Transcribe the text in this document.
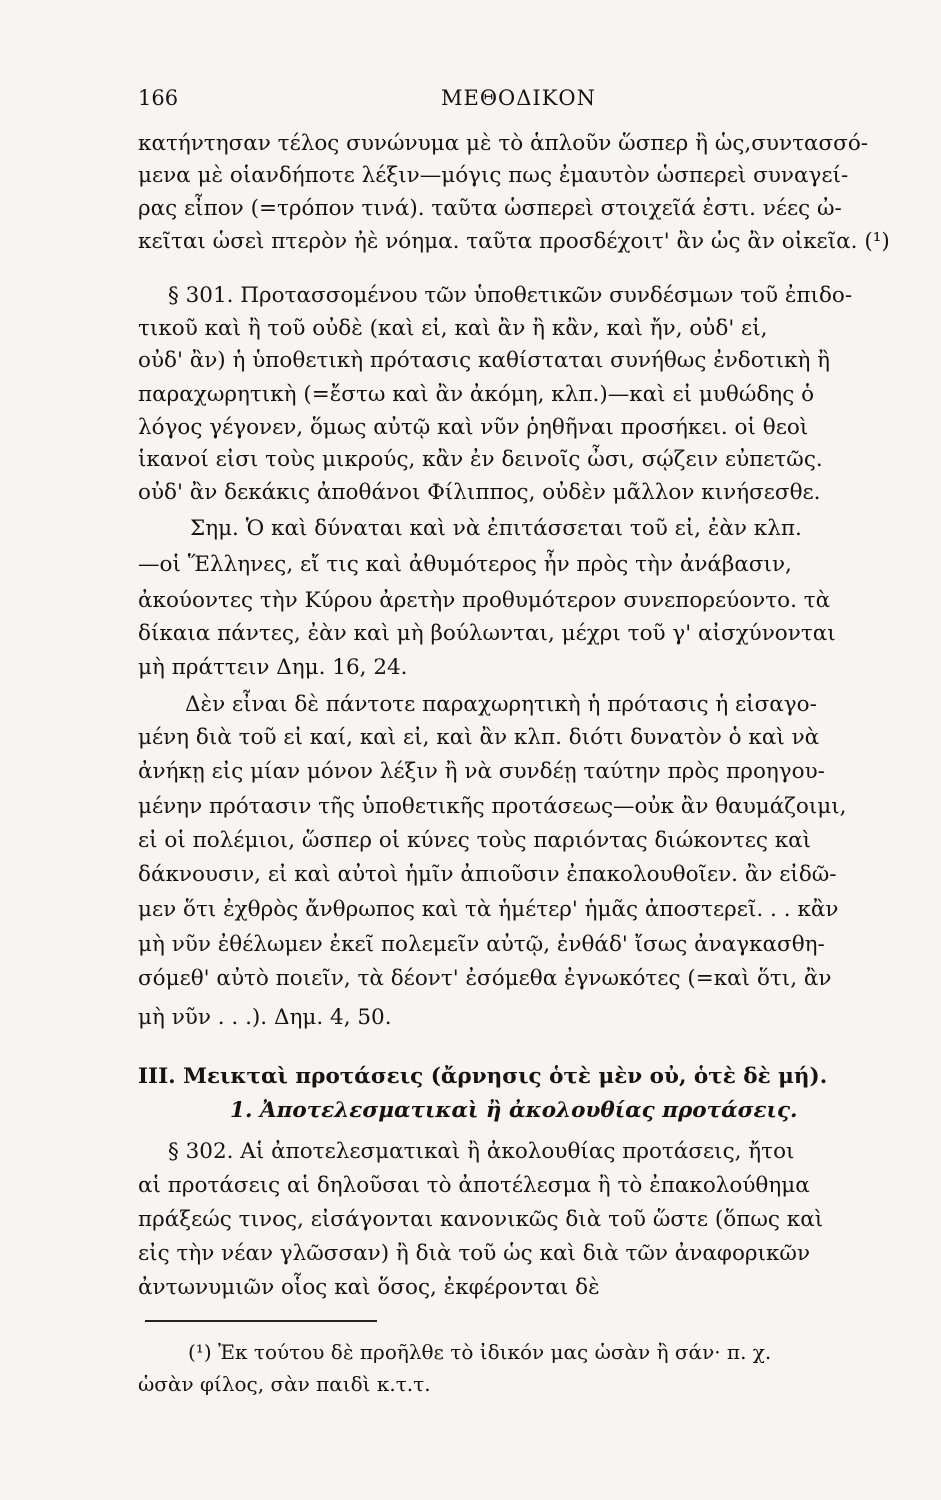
166	ΜΕΘΟΔΙΚΟΝ
κατήντησαν τέλος συνώνυμα μὲ τὸ ἁπλοῦν ὥσπερ ἢ ὡς,συντασσό-
μενα μὲ οἱανδήποτε λέξιν—μόγις πως ἐμαυτὸν ὡσπερεὶ συναγεί-
ρας εἶπον (=τρόπον τινά). ταῦτα ὡσπερεὶ στοιχεῖά ἐστι. νέες ὠ-
κεῖται ὡσεὶ πτερὸν ἠὲ νόημα. ταῦτα προσδέχοιτ' ἂν ὡς ἂν οἰκεῖα. (¹)
§ 301. Προτασσομένου τῶν ὑποθετικῶν συνδέσμων τοῦ ἐπιδο-
τικοῦ καὶ ἢ τοῦ οὐδὲ (καὶ εἰ, καὶ ἂν ἢ κἂν, καὶ ἤν, οὐδ' εἰ,
οὐδ' ἂν) ἡ ὑποθετικὴ πρότασις καθίσταται συνήθως ἐνδοτικὴ ἢ
παραχωρητικὴ (=ἔστω καὶ ἂν ἀκόμη, κλπ.)—καὶ εἰ μυθώδης ὁ
λόγος γέγονεν, ὅμως αὐτῷ καὶ νῦν ῥηθῆναι προσήκει. οἱ θεοὶ
ἱκανοί εἰσι τοὺς μικρούς, κἂν ἐν δεινοῖς ὦσι, σῴζειν εὐπετῶς.
οὐδ' ἂν δεκάκις ἀποθάνοι Φίλιππος, οὐδὲν μᾶλλον κινήσεσθε.
Σημ. Ὁ καὶ δύναται καὶ νὰ ἐπιτάσσεται τοῦ εἰ, ἐὰν κλπ.
—οἱ Ἕλληνες, εἴ τις καὶ ἀθυμότερος ἦν πρὸς τὴν ἀνάβασιν,
ἀκούοντες τὴν Κύρου ἀρετὴν προθυμότερον συνεπορεύοντο. τὰ
δίκαια πάντες, ἐὰν καὶ μὴ βούλωνται, μέχρι τοῦ γ' αἰσχύνονται
μὴ πράττειν Δημ. 16, 24.
Δὲν εἶναι δὲ πάντοτε παραχωρητικὴ ἡ πρότασις ἡ εἰσαγο-
μένη διὰ τοῦ εἰ καί, καὶ εἰ, καὶ ἂν κλπ. διότι δυνατὸν ὁ καὶ νὰ
ἀνήκῃ εἰς μίαν μόνον λέξιν ἢ νὰ συνδέῃ ταύτην πρὸς προηγου-
μένην πρότασιν τῆς ὑποθετικῆς προτάσεως—οὐκ ἂν θαυμάζοιμι,
εἰ οἱ πολέμιοι, ὥσπερ οἱ κύνες τοὺς παριόντας διώκοντες καὶ
δάκνουσιν, εἰ καὶ αὐτοὶ ἡμῖν ἀπιοῦσιν ἐπακολουθοῖεν. ἂν εἰδῶ-
μεν ὅτι ἐχθρὸς ἄνθρωπος καὶ τὰ ἡμέτερ' ἡμᾶς ἀποστερεῖ. . . κἂν
μὴ νῦν ἐθέλωμεν ἐκεῖ πολεμεῖν αὐτῷ, ἐνθάδ' ἴσως ἀναγκασθη-
σόμεθ' αὐτὸ ποιεῖν, τὰ δέοντ' ἐσόμεθα ἐγνωκότες (=καὶ ὅτι, ἂν
μὴ νῦν . . .). Δημ. 4, 50.
III. Μεικταὶ προτάσεις (ἄρνησις ὁτὲ μὲν οὐ, ὁτὲ δὲ μή).
1. Ἀποτελεσματικαὶ ἢ ἀκολουθίας προτάσεις.
§ 302. Αἱ ἀποτελεσματικαὶ ἢ ἀκολουθίας προτάσεις, ἤτοι
αἱ προτάσεις αἱ δηλοῦσαι τὸ ἀποτέλεσμα ἢ τὸ ἐπακολούθημα
πράξεώς τινος, εἰσάγονται κανονικῶς διὰ τοῦ ὥστε (ὅπως καὶ
εἰς τὴν νέαν γλῶσσαν) ἢ διὰ τοῦ ὡς καὶ διὰ τῶν ἀναφορικῶν
ἀντωνυμιῶν οἷος καὶ ὅσος, ἐκφέρονται δὲ
(¹) Ἐκ τούτου δὲ προῆλθε τὸ ἰδικόν μας ὡσὰν ἢ σάν· π. χ.
ὡσὰν φίλος, σὰν παιδὶ κ.τ.τ.
